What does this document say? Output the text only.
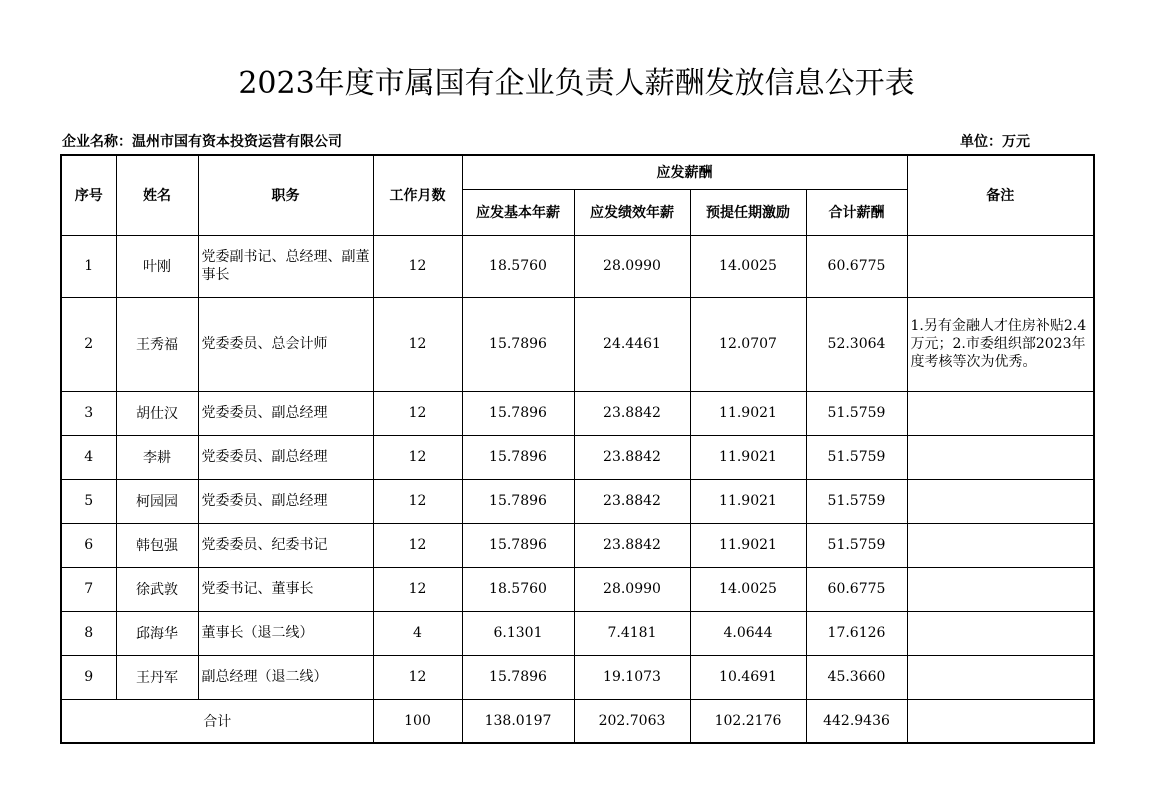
2023年度市属国有企业负责人薪酬发放信息公开表
企业名称：温州市国有资本投资运营有限公司	单位：万元
序号	姓名	职务	工作月数	应发薪酬				备注
				应发基本年薪	应发绩效年薪	预提任期激励	合计薪酬	
1	叶刚	党委副书记、总经理、副董事长	12	18.5760	28.0990	14.0025	60.6775	
2	王秀福	党委委员、总会计师	12	15.7896	24.4461	12.0707	52.3064	1.另有金融人才住房补贴2.4万元；2.市委组织部2023年度考核等次为优秀。
3	胡仕汉	党委委员、副总经理	12	15.7896	23.8842	11.9021	51.5759	
4	李耕	党委委员、副总经理	12	15.7896	23.8842	11.9021	51.5759	
5	柯园园	党委委员、副总经理	12	15.7896	23.8842	11.9021	51.5759	
6	韩包强	党委委员、纪委书记	12	15.7896	23.8842	11.9021	51.5759	
7	徐武敦	党委书记、董事长	12	18.5760	28.0990	14.0025	60.6775	
8	邱海华	董事长（退二线）	4	6.1301	7.4181	4.0644	17.6126	
9	王丹军	副总经理（退二线）	12	15.7896	19.1073	10.4691	45.3660	
合计			100	138.0197	202.7063	102.2176	442.9436	
